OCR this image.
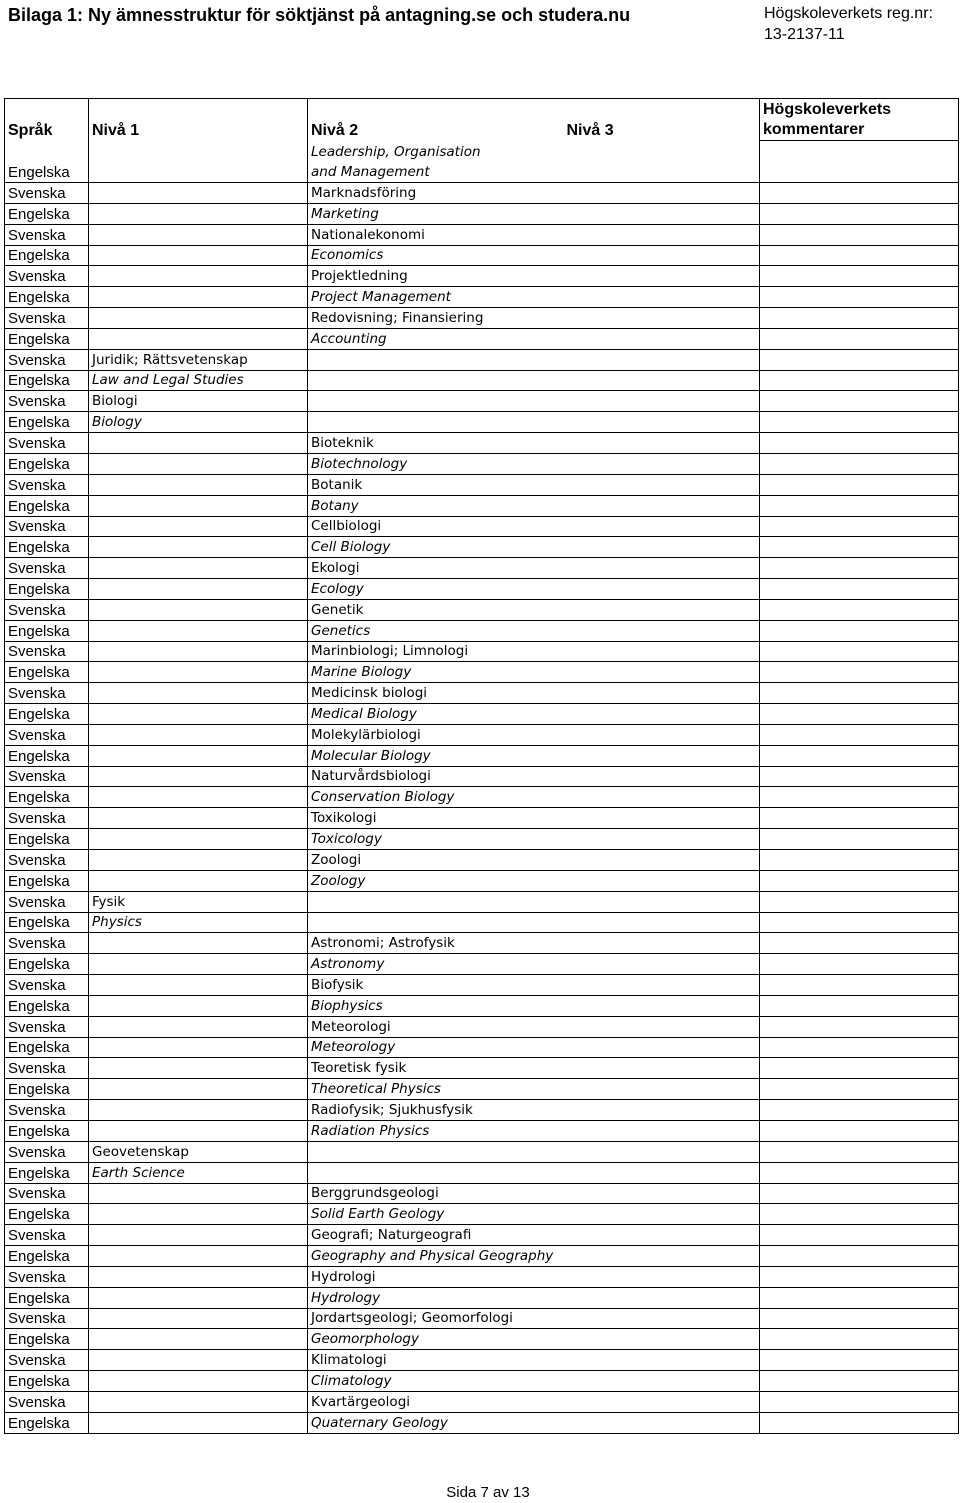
Bilaga 1: Ny ämnesstruktur för söktjänst på antagning.se och studera.nu	Högskoleverkets reg.nr:
13-2137-11
Språk	Nivå 1	Nivå 2	Nivå 3	Högskoleverkets
kommentarer
Engelska		Leadership, Organisation and Management		
Svenska		Marknadsföring		
Engelska		Marketing		
Svenska		Nationalekonomi		
Engelska		Economics		
Svenska		Projektledning		
Engelska		Project Management		
Svenska		Redovisning; Finansiering		
Engelska		Accounting		
Svenska	Juridik; Rättsvetenskap			
Engelska	Law and Legal Studies			
Svenska	Biologi			
Engelska	Biology			
Svenska		Bioteknik		
Engelska		Biotechnology		
Svenska		Botanik		
Engelska		Botany		
Svenska		Cellbiologi		
Engelska		Cell Biology		
Svenska		Ekologi		
Engelska		Ecology		
Svenska		Genetik		
Engelska		Genetics		
Svenska		Marinbiologi; Limnologi		
Engelska		Marine Biology		
Svenska		Medicinsk biologi		
Engelska		Medical Biology		
Svenska		Molekylärbiologi		
Engelska		Molecular Biology		
Svenska		Naturvårdsbiologi		
Engelska		Conservation Biology		
Svenska		Toxikologi		
Engelska		Toxicology		
Svenska		Zoologi		
Engelska		Zoology		
Svenska	Fysik			
Engelska	Physics			
Svenska		Astronomi; Astrofysik		
Engelska		Astronomy		
Svenska		Biofysik		
Engelska		Biophysics		
Svenska		Meteorologi		
Engelska		Meteorology		
Svenska		Teoretisk fysik		
Engelska		Theoretical Physics		
Svenska		Radiofysik; Sjukhusfysik		
Engelska		Radiation Physics		
Svenska	Geovetenskap			
Engelska	Earth Science			
Svenska		Berggrundsgeologi		
Engelska		Solid Earth Geology		
Svenska		Geografi; Naturgeografi		
Engelska		Geography and Physical Geography		
Svenska		Hydrologi		
Engelska		Hydrology		
Svenska		Jordartsgeologi; Geomorfologi		
Engelska		Geomorphology		
Svenska		Klimatologi		
Engelska		Climatology		
Svenska		Kvartärgeologi		
Engelska		Quaternary Geology		
Sida 7 av 13
